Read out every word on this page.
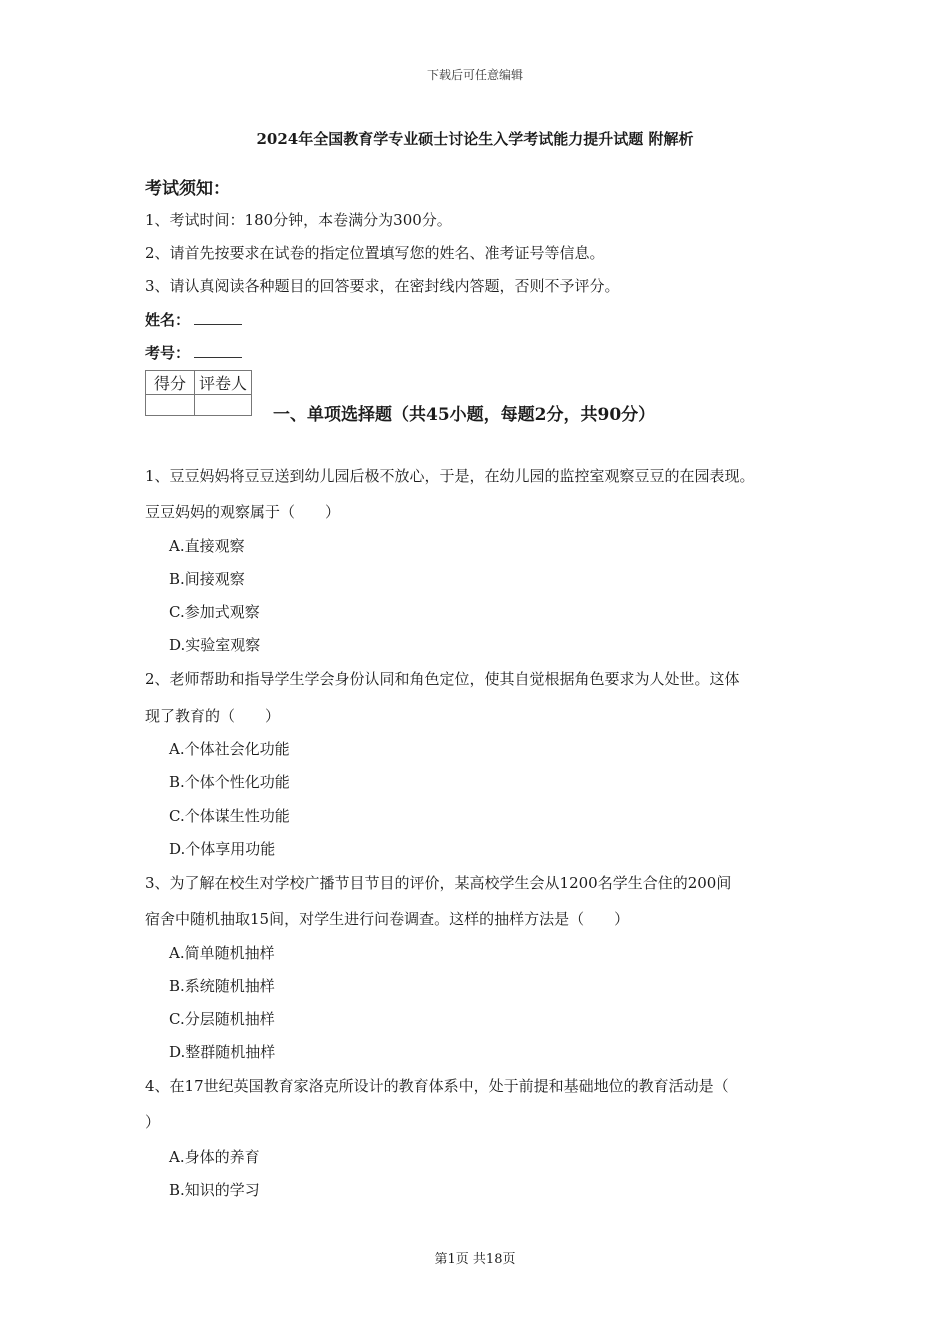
下载后可任意编辑
2024年全国教育学专业硕士讨论生入学考试能力提升试题 附解析
考试须知：
1、考试时间：180分钟，本卷满分为300分。
2、请首先按要求在试卷的指定位置填写您的姓名、准考证号等信息。
3、请认真阅读各种题目的回答要求，在密封线内答题，否则不予评分。
姓名：
考号：
得分	评卷人

一、单项选择题（共45小题，每题2分，共90分）
1、豆豆妈妈将豆豆送到幼儿园后极不放心，于是，在幼儿园的监控室观察豆豆的在园表现。
豆豆妈妈的观察属于（　　）
A.直接观察
B.间接观察
C.参加式观察
D.实验室观察
2、老师帮助和指导学生学会身份认同和角色定位，使其自觉根据角色要求为人处世。这体
现了教育的（　　）
A.个体社会化功能
B.个体个性化功能
C.个体谋生性功能
D.个体享用功能
3、为了解在校生对学校广播节目节目的评价，某高校学生会从1200名学生合住的200间
宿舍中随机抽取15间，对学生进行问卷调查。这样的抽样方法是（　　）
A.简单随机抽样
B.系统随机抽样
C.分层随机抽样
D.整群随机抽样
4、在17世纪英国教育家洛克所设计的教育体系中，处于前提和基础地位的教育活动是（
）
A.身体的养育
B.知识的学习
第1页 共18页
